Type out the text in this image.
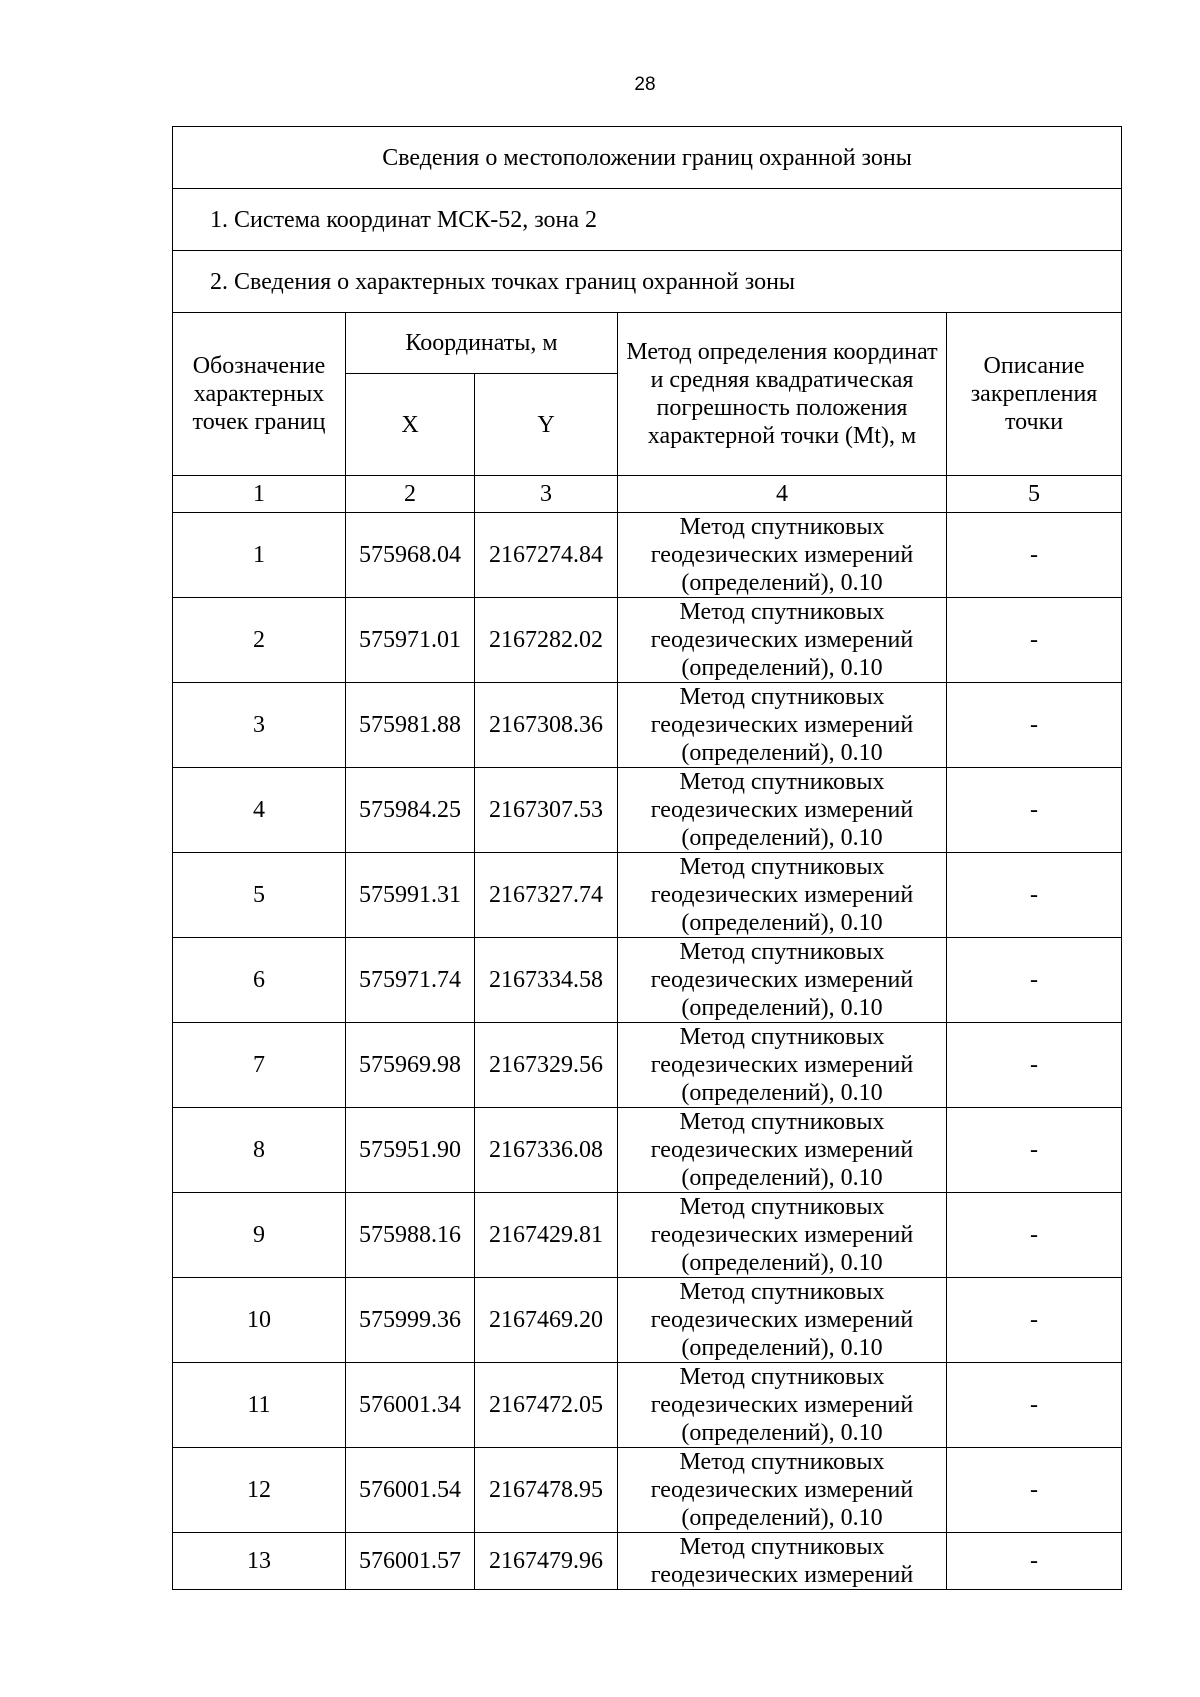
28
Сведения о местоположении границ охранной зоны				
1. Система координат МСК-52, зона 2				
2. Сведения о характерных точках границ охранной зоны				
Обозначение характерных точек границ	Координаты, м		Метод определения координат и средняя квадратическая погрешность положения характерной точки (Mt), м	Описание закрепления точки
	X	Y		
1	2	3	4	5
1	575968.04	2167274.84	Метод спутниковых геодезических измерений (определений), 0.10	-
2	575971.01	2167282.02	Метод спутниковых геодезических измерений (определений), 0.10	-
3	575981.88	2167308.36	Метод спутниковых геодезических измерений (определений), 0.10	-
4	575984.25	2167307.53	Метод спутниковых геодезических измерений (определений), 0.10	-
5	575991.31	2167327.74	Метод спутниковых геодезических измерений (определений), 0.10	-
6	575971.74	2167334.58	Метод спутниковых геодезических измерений (определений), 0.10	-
7	575969.98	2167329.56	Метод спутниковых геодезических измерений (определений), 0.10	-
8	575951.90	2167336.08	Метод спутниковых геодезических измерений (определений), 0.10	-
9	575988.16	2167429.81	Метод спутниковых геодезических измерений (определений), 0.10	-
10	575999.36	2167469.20	Метод спутниковых геодезических измерений (определений), 0.10	-
11	576001.34	2167472.05	Метод спутниковых геодезических измерений (определений), 0.10	-
12	576001.54	2167478.95	Метод спутниковых геодезических измерений (определений), 0.10	-
13	576001.57	2167479.96	Метод спутниковых геодезических измерений	-
